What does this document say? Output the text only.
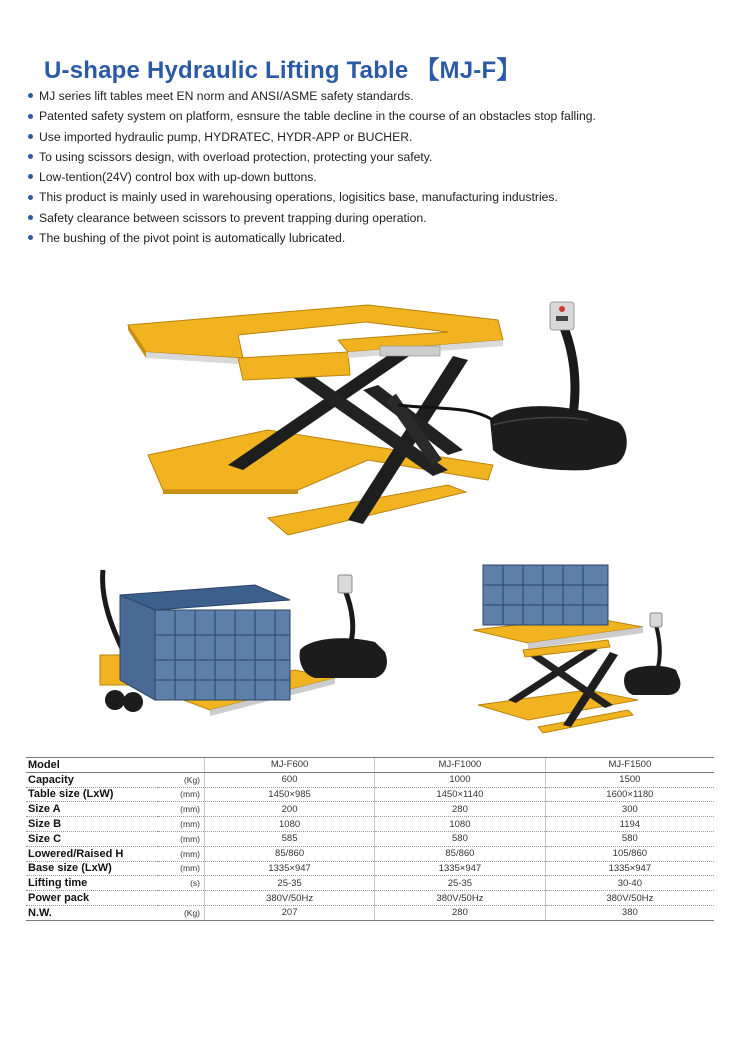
U-shape Hydraulic Lifting Table 【MJ-F】
MJ series lift tables meet EN norm and ANSI/ASME safety standards.
Patented safety system on platform, esnsure the table decline in the course of an obstacles stop falling.
Use imported hydraulic pump, HYDRATEC, HYDR-APP or BUCHER.
To using scissors design, with overload protection, protecting your safety.
Low-tention(24V) control box with up-down buttons.
This product is mainly used in warehousing operations, logisitics base, manufacturing industries.
Safety clearance between scissors to prevent trapping during operation.
The bushing of the pivot point is automatically lubricated.
Model		MJ-F600	MJ-F1000	MJ-F1500
Capacity	(Kg)	600	1000	1500
Table size (LxW)	(mm)	1450×985	1450×1140	1600×1180
Size A	(mm)	200	280	300
Size B	(mm)	1080	1080	1194
Size C	(mm)	585	580	580
Lowered/Raised H	(mm)	85/860	85/860	105/860
Base size (LxW)	(mm)	1335×947	1335×947	1335×947
Lifting time	(s)	25-35	25-35	30-40
Power pack		380V/50Hz	380V/50Hz	380V/50Hz
N.W.	(Kg)	207	280	380
